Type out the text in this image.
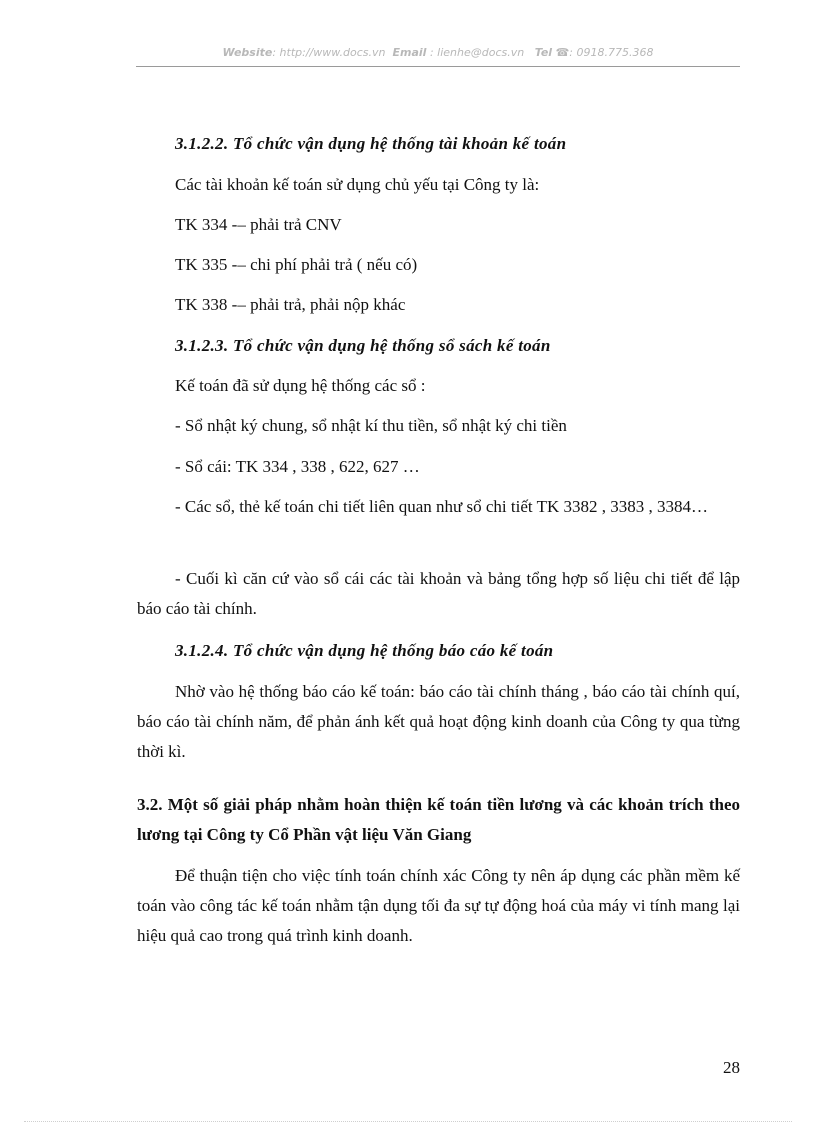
Website: http://www.docs.vn Email : lienhe@docs.vn Tel ☎: 0918.775.368

3.1.2.2. Tổ chức vận dụng hệ thống tài khoản kế toán

Các tài khoản kế toán sử dụng chủ yếu tại Công ty là:

TK 334 -– phải trả CNV

TK 335 -– chi phí phải trả ( nếu có)

TK 338 -– phải trả, phải nộp khác

3.1.2.3. Tổ chức vận dụng hệ thống sổ sách kế toán

Kế toán đã sử dụng hệ thống các sổ :

- Sổ nhật ký chung, sổ nhật kí thu tiền, sổ nhật ký chi tiền

- Sổ cái: TK 334 , 338 , 622, 627 …

- Các sổ, thẻ kế toán chi tiết liên quan như sổ chi tiết TK 3382 , 3383 , 3384…

- Cuối kì căn cứ vào sổ cái các tài khoản và bảng tổng hợp số liệu chi tiết để lập báo cáo tài chính.

3.1.2.4. Tổ chức vận dụng hệ thống báo cáo kế toán

Nhờ vào hệ thống báo cáo kế toán: báo cáo tài chính tháng , báo cáo tài chính quí, báo cáo tài chính năm, để phản ánh kết quả hoạt động kinh doanh của Công ty qua từng thời kì.

3.2. Một số giải pháp nhằm hoàn thiện kế toán tiền lương và các khoản trích theo lương tại Công ty Cổ Phần vật liệu Văn Giang

Để thuận tiện cho việc tính toán chính xác Công ty nên áp dụng các phần mềm kế toán vào công tác kế toán nhằm tận dụng tối đa sự tự động hoá của máy vi tính mang lại hiệu quả cao trong quá trình kinh doanh.

28
